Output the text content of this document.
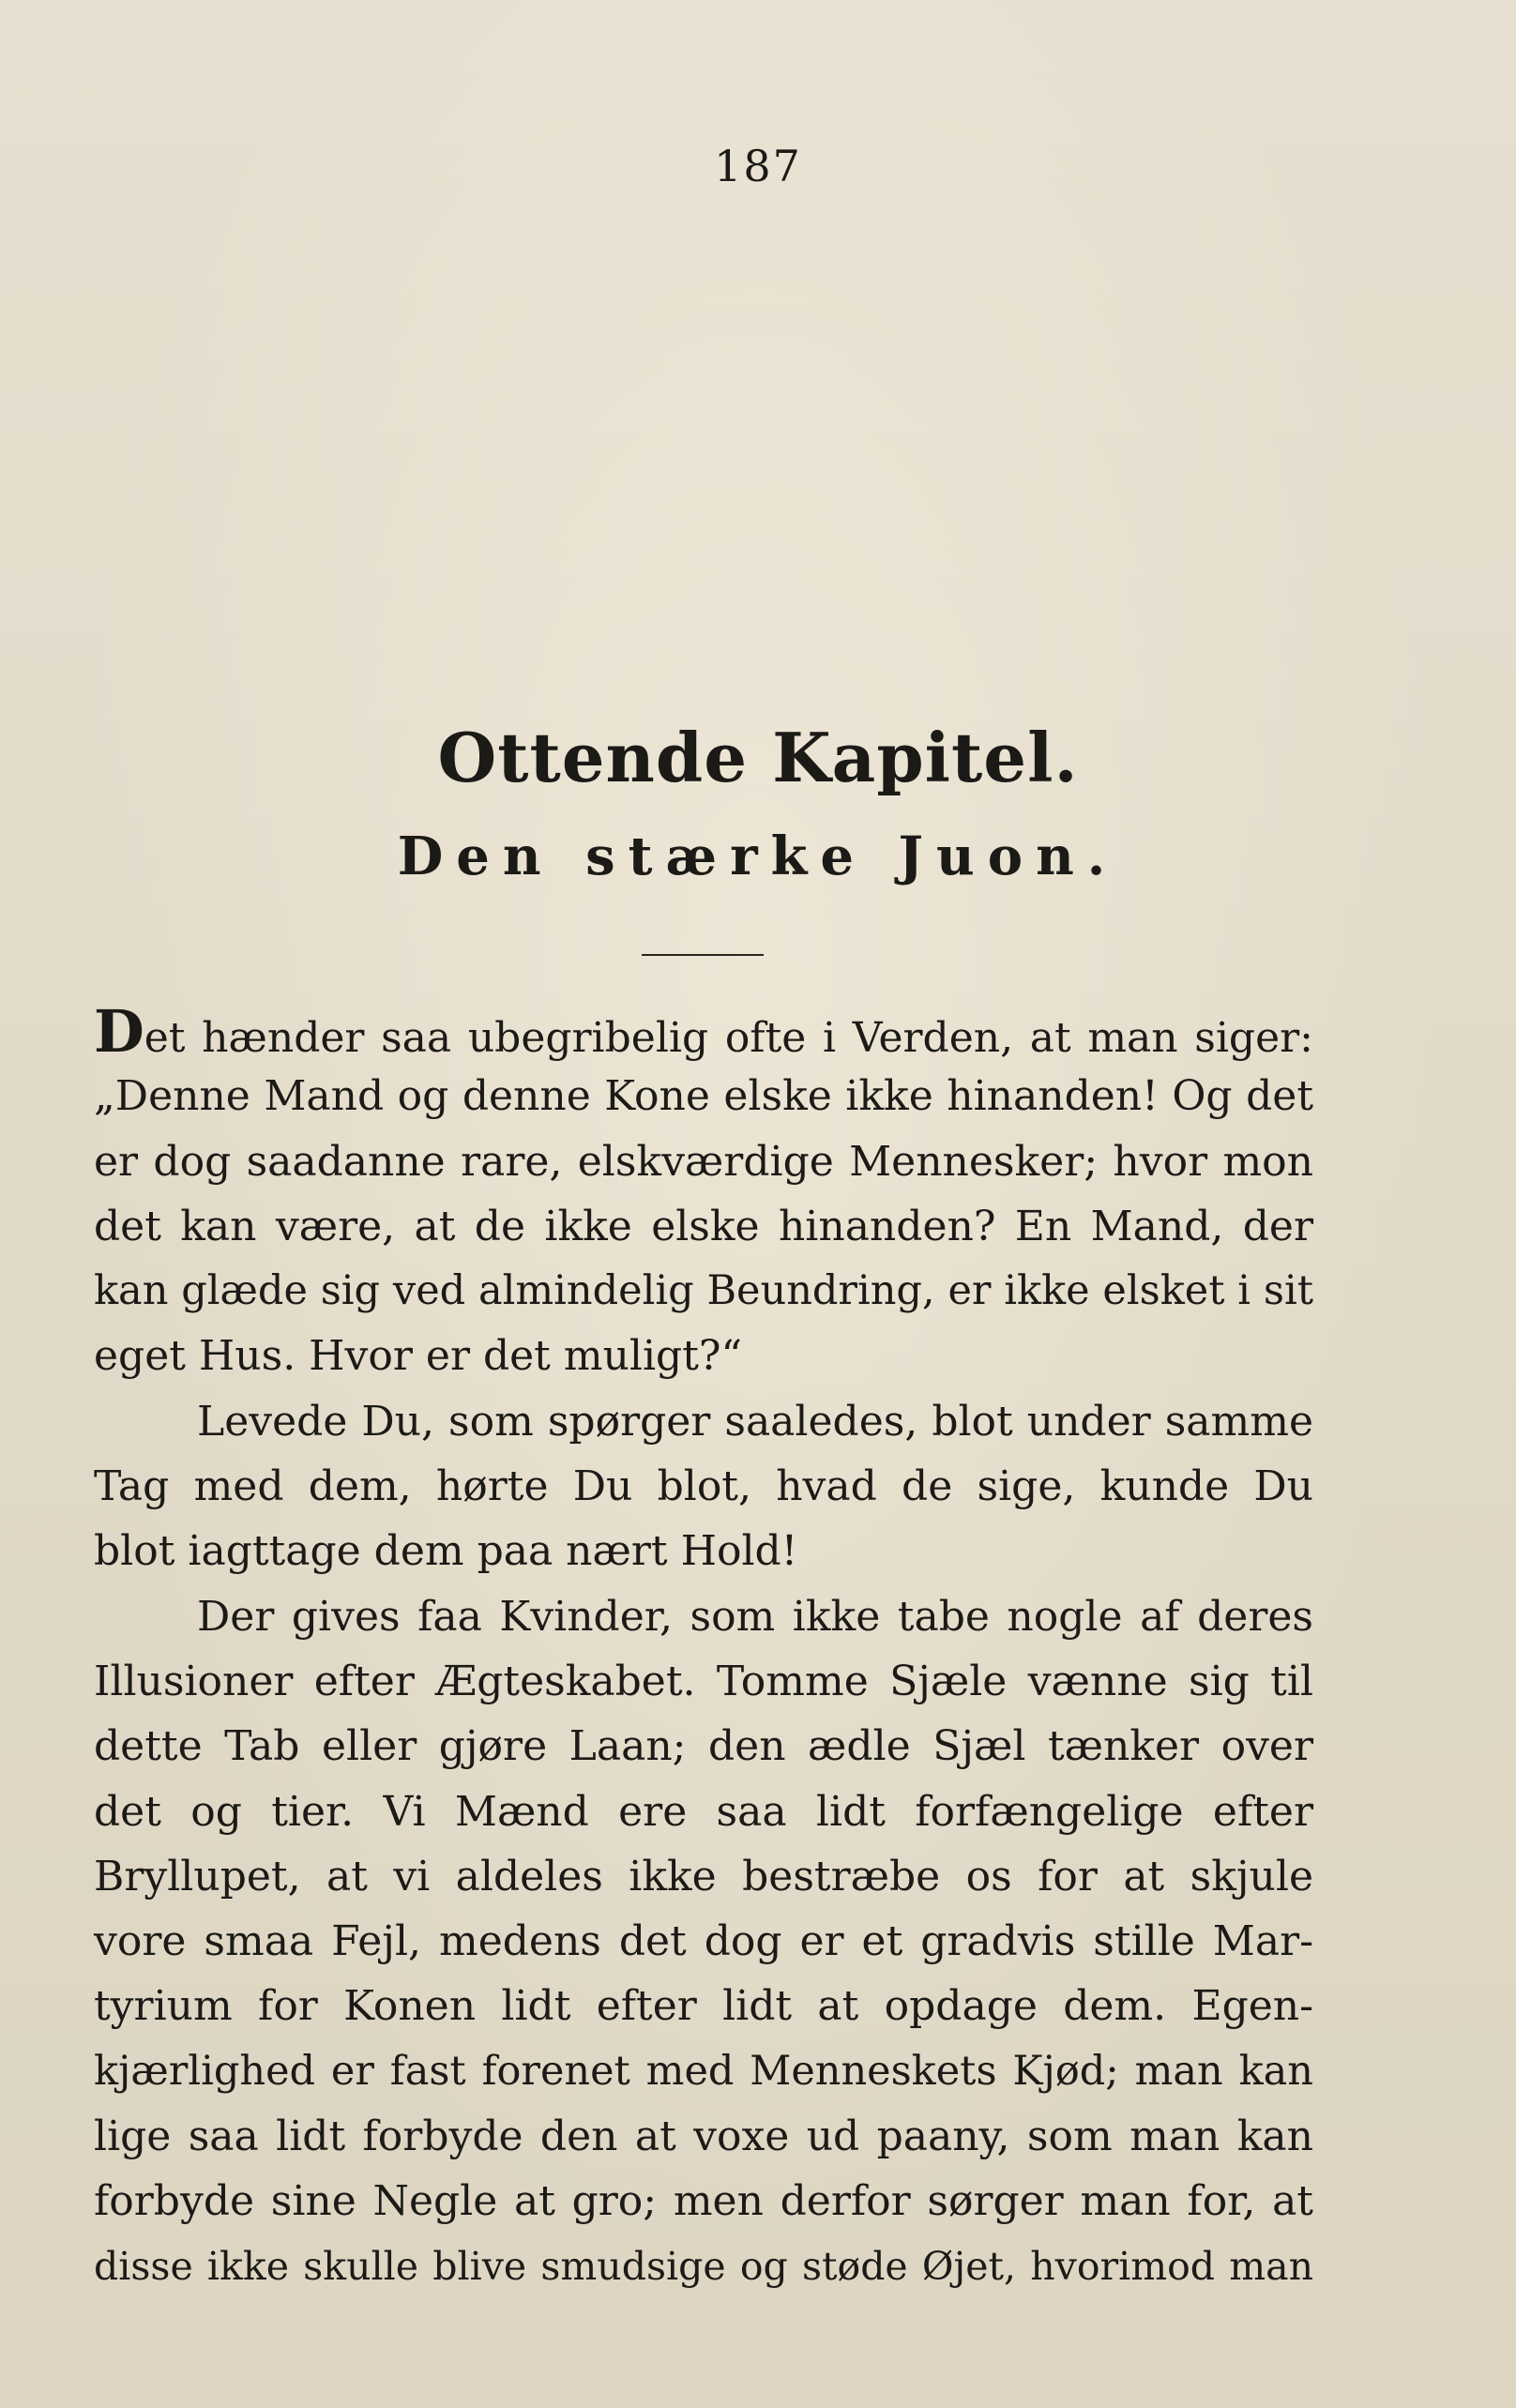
187
Ottende Kapitel.
Den stærke Juon.
Det hænder saa ubegribelig ofte i Verden, at man siger:
„Denne Mand og denne Kone elske ikke hinanden! Og det
er dog saadanne rare, elskværdige Mennesker; hvor mon
det kan være, at de ikke elske hinanden? En Mand, der
kan glæde sig ved almindelig Beundring, er ikke elsket i sit
eget Hus. Hvor er det muligt?“
Levede Du, som spørger saaledes, blot under samme
Tag med dem, hørte Du blot, hvad de sige, kunde Du
blot iagttage dem paa nært Hold!
Der gives faa Kvinder, som ikke tabe nogle af deres
Illusioner efter Ægteskabet. Tomme Sjæle vænne sig til
dette Tab eller gjøre Laan; den ædle Sjæl tænker over
det og tier. Vi Mænd ere saa lidt forfængelige efter
Bryllupet, at vi aldeles ikke bestræbe os for at skjule
vore smaa Fejl, medens det dog er et gradvis stille Mar-
tyrium for Konen lidt efter lidt at opdage dem. Egen-
kjærlighed er fast forenet med Menneskets Kjød; man kan
lige saa lidt forbyde den at voxe ud paany, som man kan
forbyde sine Negle at gro; men derfor sørger man for, at
disse ikke skulle blive smudsige og støde Øjet, hvorimod man
